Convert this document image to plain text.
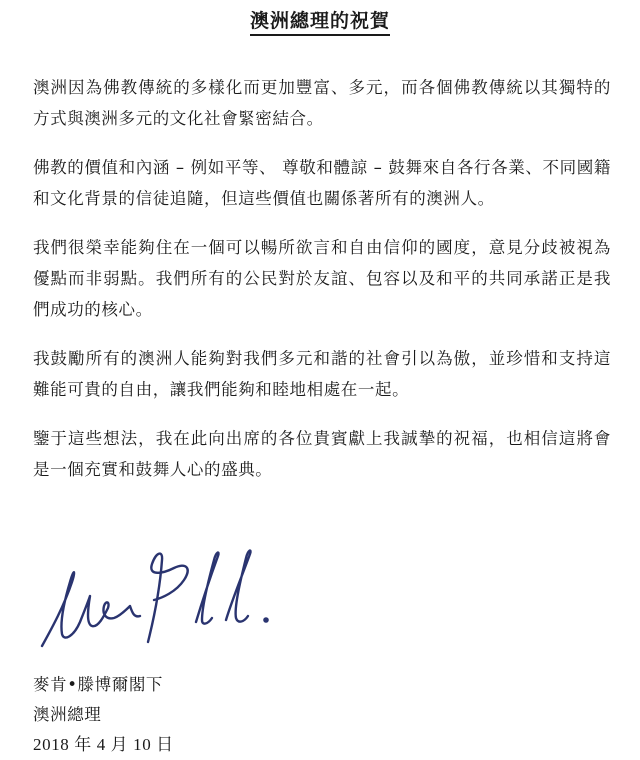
澳洲總理的祝賀

澳洲因為佛教傳統的多樣化而更加豐富、多元，而各個佛教傳統以其獨特的方式與澳洲多元的文化社會緊密結合。

佛教的價值和內涵 – 例如平等、 尊敬和體諒 – 鼓舞來自各行各業、不同國籍和文化背景的信徒追隨，但這些價值也關係著所有的澳洲人。

我們很榮幸能夠住在一個可以暢所欲言和自由信仰的國度，意見分歧被視為優點而非弱點。我們所有的公民對於友誼、包容以及和平的共同承諾正是我們成功的核心。

我鼓勵所有的澳洲人能夠對我們多元和諧的社會引以為傲，並珍惜和支持這難能可貴的自由，讓我們能夠和睦地相處在一起。

鑒于這些想法，我在此向出席的各位貴賓獻上我誠摯的祝福，也相信這將會是一個充實和鼓舞人心的盛典。

麥肯•滕博爾閣下
澳洲總理
2018 年 4 月 10 日
